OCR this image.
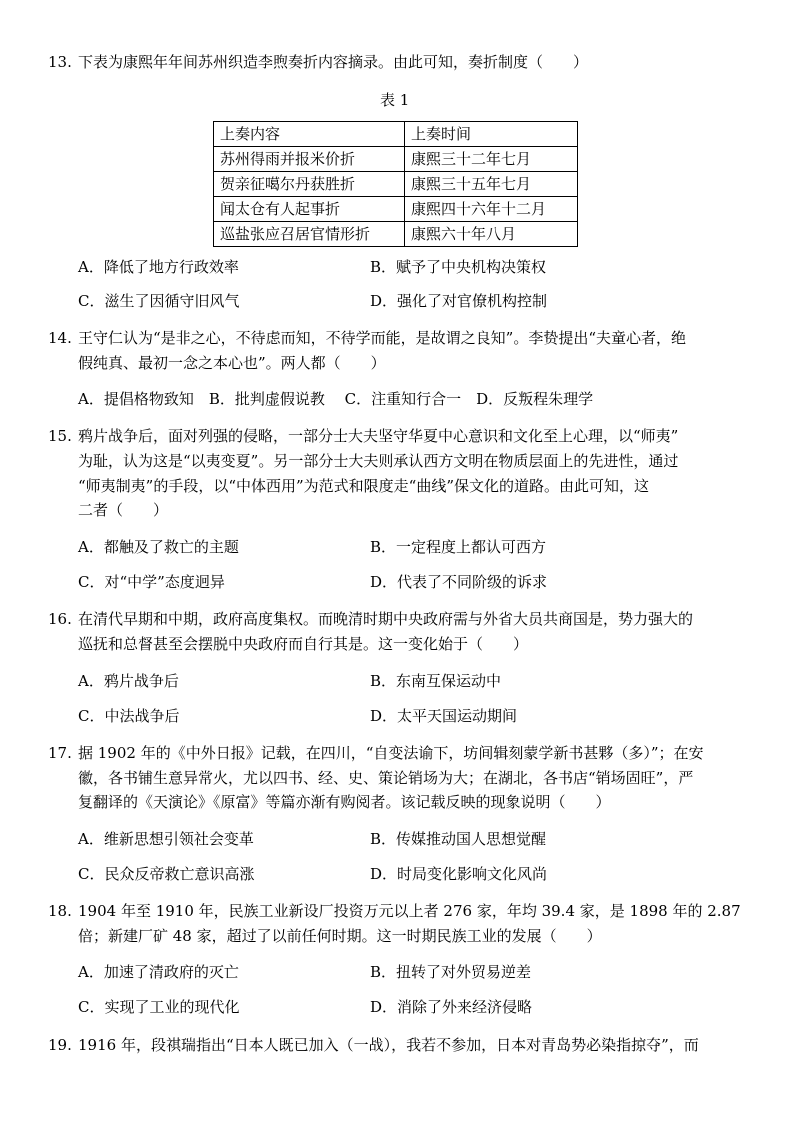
13. 下表为康熙年年间苏州织造李煦奏折内容摘录。由此可知，奏折制度（　　）
表 1
上奏内容	上奏时间
苏州得雨并报米价折	康熙三十二年七月
贺亲征噶尔丹获胜折	康熙三十五年七月
闻太仓有人起事折	康熙四十六年十二月
巡盐张应召居官情形折	康熙六十年八月
A．降低了地方行政效率	B．赋予了中央机构决策权
C．滋生了因循守旧风气	D．强化了对官僚机构控制
14. 王守仁认为“是非之心，不待虑而知，不待学而能，是故谓之良知”。李贽提出“夫童心者，绝
假纯真、最初一念之本心也”。两人都（　　）
A．提倡格物致知　B．批判虚假说教　 C．注重知行合一　D．反叛程朱理学
15. 鸦片战争后，面对列强的侵略，一部分士大夫坚守华夏中心意识和文化至上心理，以“师夷”
为耻，认为这是“以夷变夏”。另一部分士大夫则承认西方文明在物质层面上的先进性，通过
“师夷制夷”的手段，以“中体西用”为范式和限度走“曲线”保文化的道路。由此可知，这
二者（　　）
A．都触及了救亡的主题	B．一定程度上都认可西方
C．对“中学”态度迥异	D．代表了不同阶级的诉求
16. 在清代早期和中期，政府高度集权。而晚清时期中央政府需与外省大员共商国是，势力强大的
巡抚和总督甚至会摆脱中央政府而自行其是。这一变化始于（　　）
A．鸦片战争后	B．东南互保运动中
C．中法战争后	D．太平天国运动期间
17. 据 1902 年的《中外日报》记载，在四川，“自变法谕下，坊间辑刻蒙学新书甚夥（多）”；在安
徽，各书铺生意异常火，尤以四书、经、史、策论销场为大；在湖北，各书店“销场固旺”，严
复翻译的《天演论》《原富》等篇亦渐有购阅者。该记载反映的现象说明（　　）
A．维新思想引领社会变革	B．传媒推动国人思想觉醒
C．民众反帝救亡意识高涨	D．时局变化影响文化风尚
18. 1904 年至 1910 年，民族工业新设厂投资万元以上者 276 家，年均 39.4 家，是 1898 年的 2.87
倍；新建厂矿 48 家，超过了以前任何时期。这一时期民族工业的发展（　　）
A．加速了清政府的灭亡	B．扭转了对外贸易逆差
C．实现了工业的现代化	D．消除了外来经济侵略
19. 1916 年，段祺瑞指出“日本人既已加入（一战），我若不参加，日本对青岛势必染指掠夺”，而
